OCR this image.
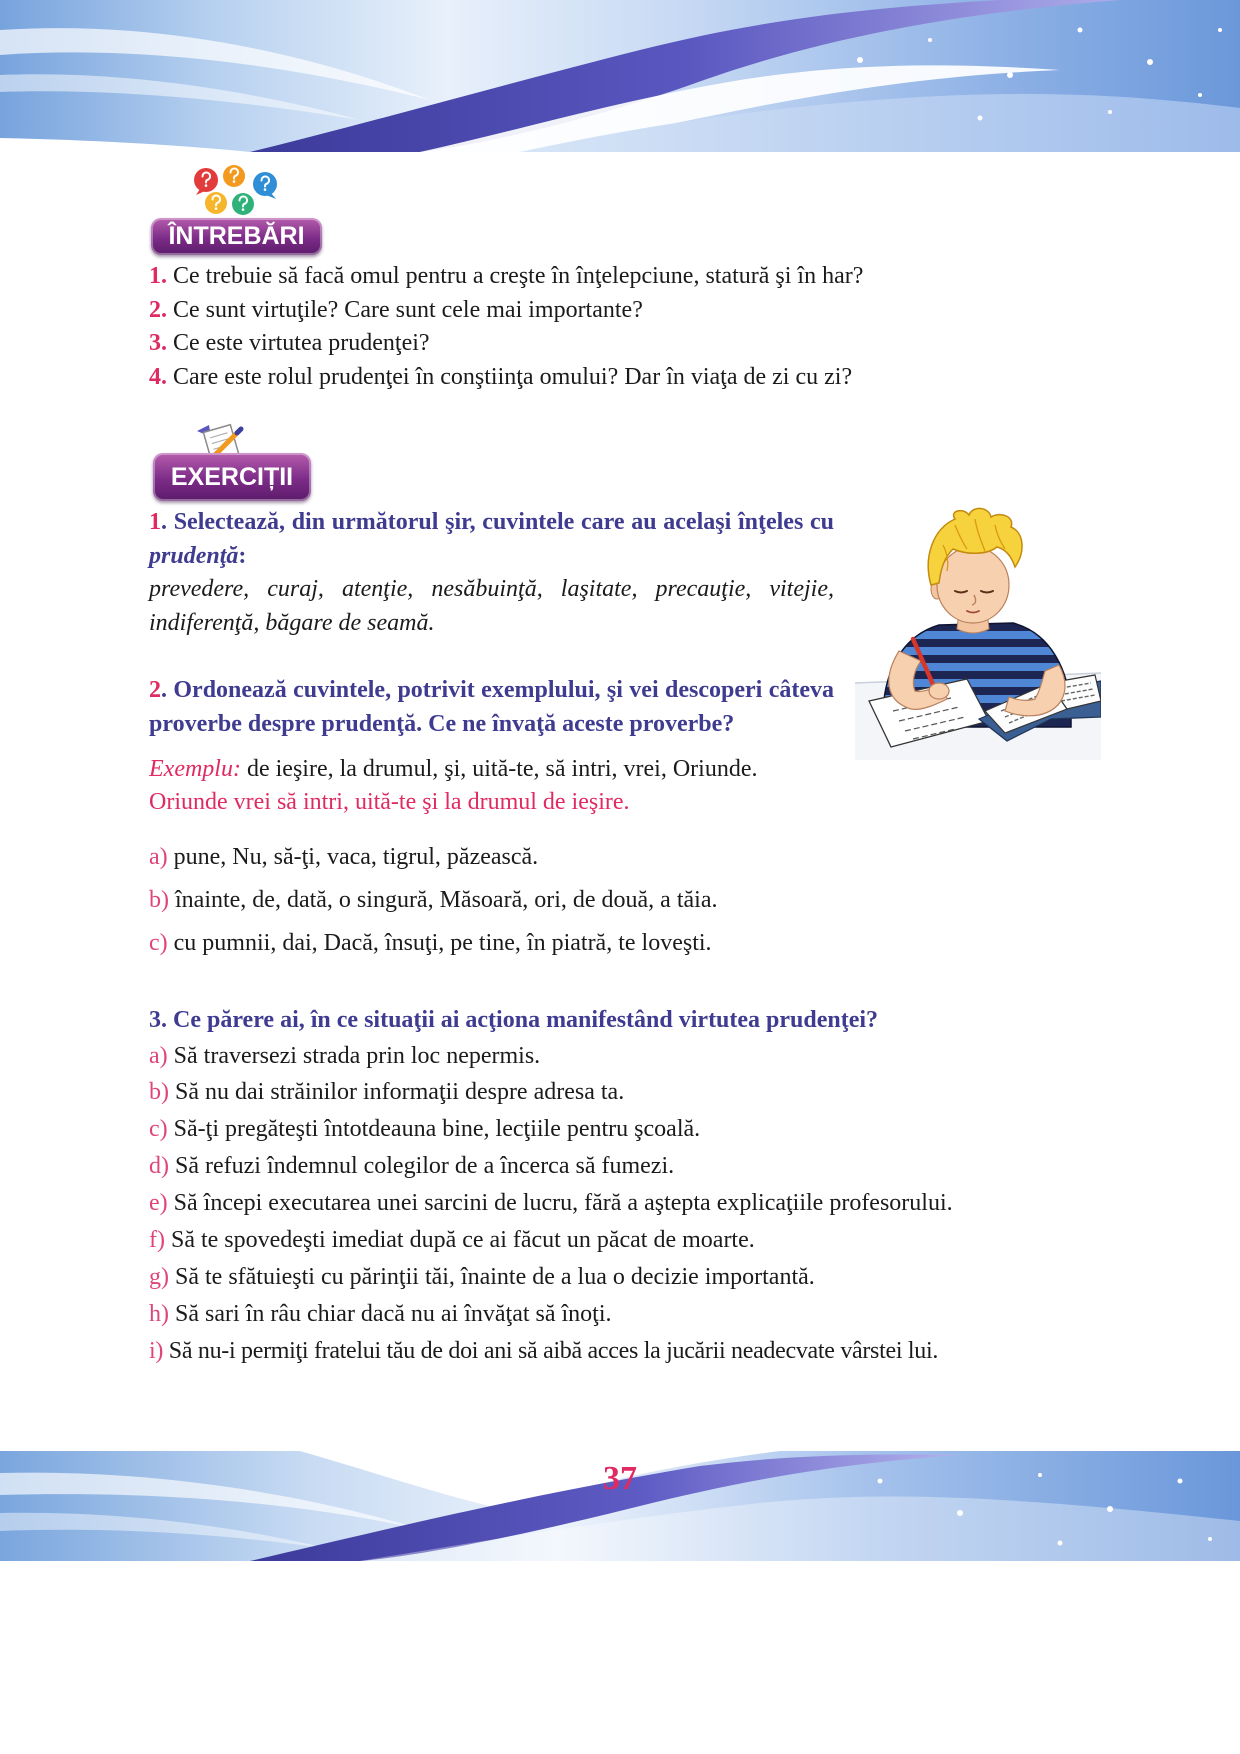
ÎNTREBĂRI

1. Ce trebuie să facă omul pentru a creşte în înţelepciune, statură şi în har?

2. Ce sunt virtuţile? Care sunt cele mai importante?

3. Ce este virtutea prudenţei?

4. Care este rolul prudenţei în conştiinţa omului? Dar în viaţa de zi cu zi?

EXERCIȚII

1. Selectează, din următorul şir, cuvintele care au acelaşi înţeles cu prudenţă:

prevedere, curaj, atenţie, nesăbuinţă, laşitate, precauţie, vitejie, indiferenţă, băgare de seamă.

2. Ordonează cuvintele, potrivit exemplului, şi vei descoperi câteva proverbe despre prudenţă. Ce ne învaţă aceste proverbe?

Exemplu: de ieşire, la drumul, şi, uită-te, să intri, vrei, Oriunde.

Oriunde vrei să intri, uită-te şi la drumul de ieşire.

a) pune, Nu, să-ţi, vaca, tigrul, păzească.

b) înainte, de, dată, o singură, Măsoară, ori, de două, a tăia.

c) cu pumnii, dai, Dacă, însuţi, pe tine, în piatră, te loveşti.

3. Ce părere ai, în ce situaţii ai acţiona manifestând virtutea prudenţei?

a) Să traversezi strada prin loc nepermis.

b) Să nu dai străinilor informaţii despre adresa ta.

c) Să-ţi pregăteşti întotdeauna bine, lecţiile pentru şcoală.

d) Să refuzi îndemnul colegilor de a încerca să fumezi.

e) Să începi executarea unei sarcini de lucru, fără a aştepta explicaţiile profesorului.

f) Să te spovedeşti imediat după ce ai făcut un păcat de moarte.

g) Să te sfătuieşti cu părinţii tăi, înainte de a lua o decizie importantă.

h) Să sari în râu chiar dacă nu ai învăţat să înoţi.

i) Să nu-i permiţi fratelui tău de doi ani să aibă acces la jucării neadecvate vârstei lui.

37
